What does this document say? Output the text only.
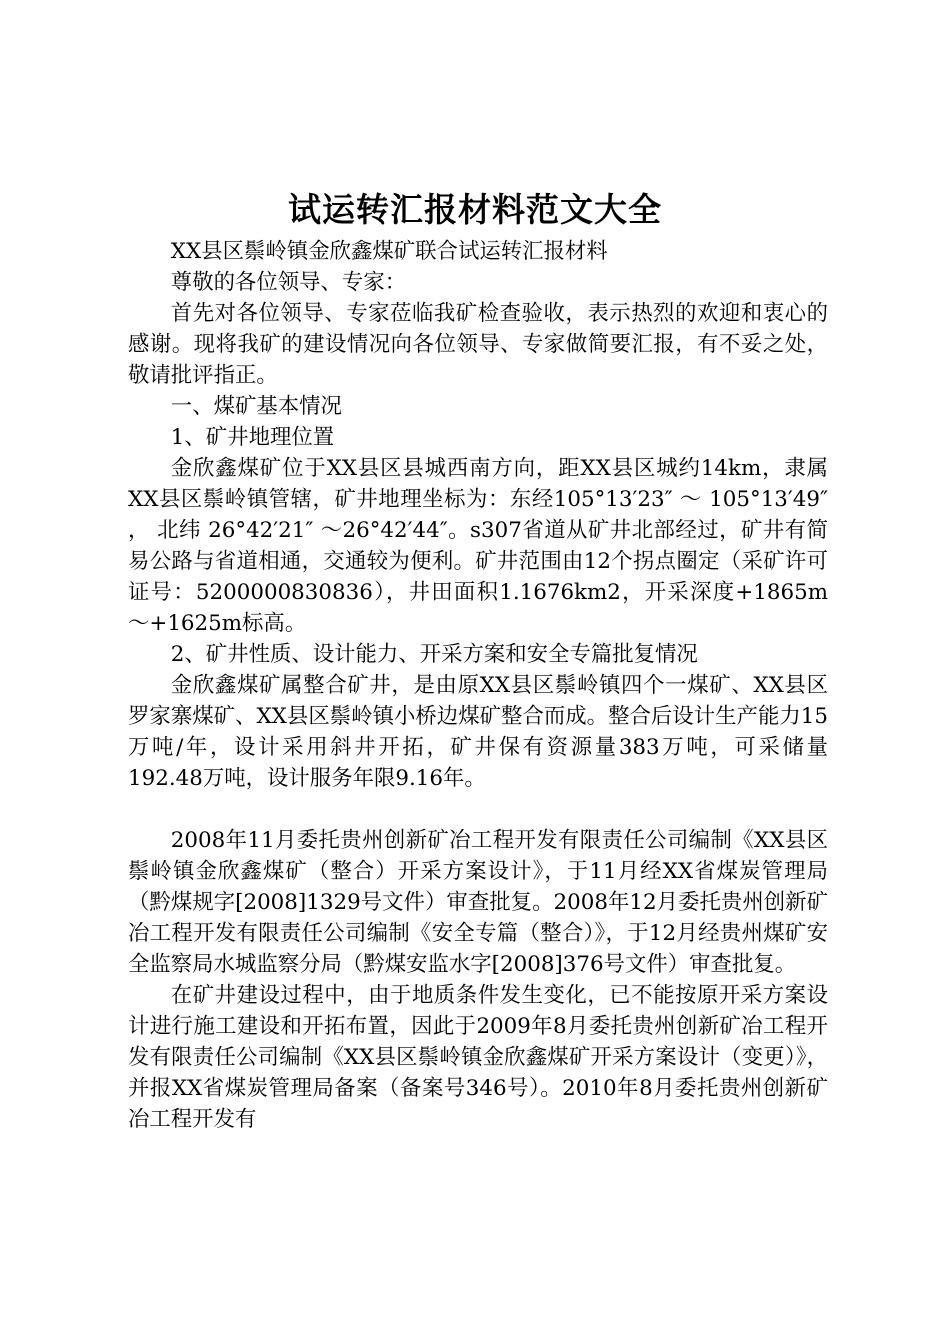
试运转汇报材料范文大全

XX县区鬃岭镇金欣鑫煤矿联合试运转汇报材料

尊敬的各位领导、专家：

首先对各位领导、专家莅临我矿检查验收，表示热烈的欢迎和衷心的感谢。现将我矿的建设情况向各位领导、专家做简要汇报，有不妥之处，敬请批评指正。

一、煤矿基本情况

1、矿井地理位置

金欣鑫煤矿位于XX县区县城西南方向，距XX县区城约14km，隶属XX县区鬃岭镇管辖，矿井地理坐标为：东经105°13′23″ ～ 105°13′49″ ， 北纬 26°42′21″ ～26°42′44″。s307省道从矿井北部经过，矿井有简易公路与省道相通，交通较为便利。矿井范围由12个拐点圈定（采矿许可证号：5200000830836），井田面积1.1676km2，开采深度+1865m～+1625m标高。

2、矿井性质、设计能力、开采方案和安全专篇批复情况

金欣鑫煤矿属整合矿井，是由原XX县区鬃岭镇四个一煤矿、XX县区罗家寨煤矿、XX县区鬃岭镇小桥边煤矿整合而成。整合后设计生产能力15万吨/年，设计采用斜井开拓，矿井保有资源量383万吨，可采储量192.48万吨，设计服务年限9.16年。

2008年11月委托贵州创新矿冶工程开发有限责任公司编制《XX县区鬃岭镇金欣鑫煤矿（整合）开采方案设计》，于11月经XX省煤炭管理局（黔煤规字[2008]1329号文件）审查批复。2008年12月委托贵州创新矿冶工程开发有限责任公司编制《安全专篇（整合）》，于12月经贵州煤矿安全监察局水城监察分局（黔煤安监水字[2008]376号文件）审查批复。

在矿井建设过程中，由于地质条件发生变化，已不能按原开采方案设计进行施工建设和开拓布置，因此于2009年8月委托贵州创新矿冶工程开发有限责任公司编制《XX县区鬃岭镇金欣鑫煤矿开采方案设计（变更）》，并报XX省煤炭管理局备案（备案号346号）。2010年8月委托贵州创新矿冶工程开发有
